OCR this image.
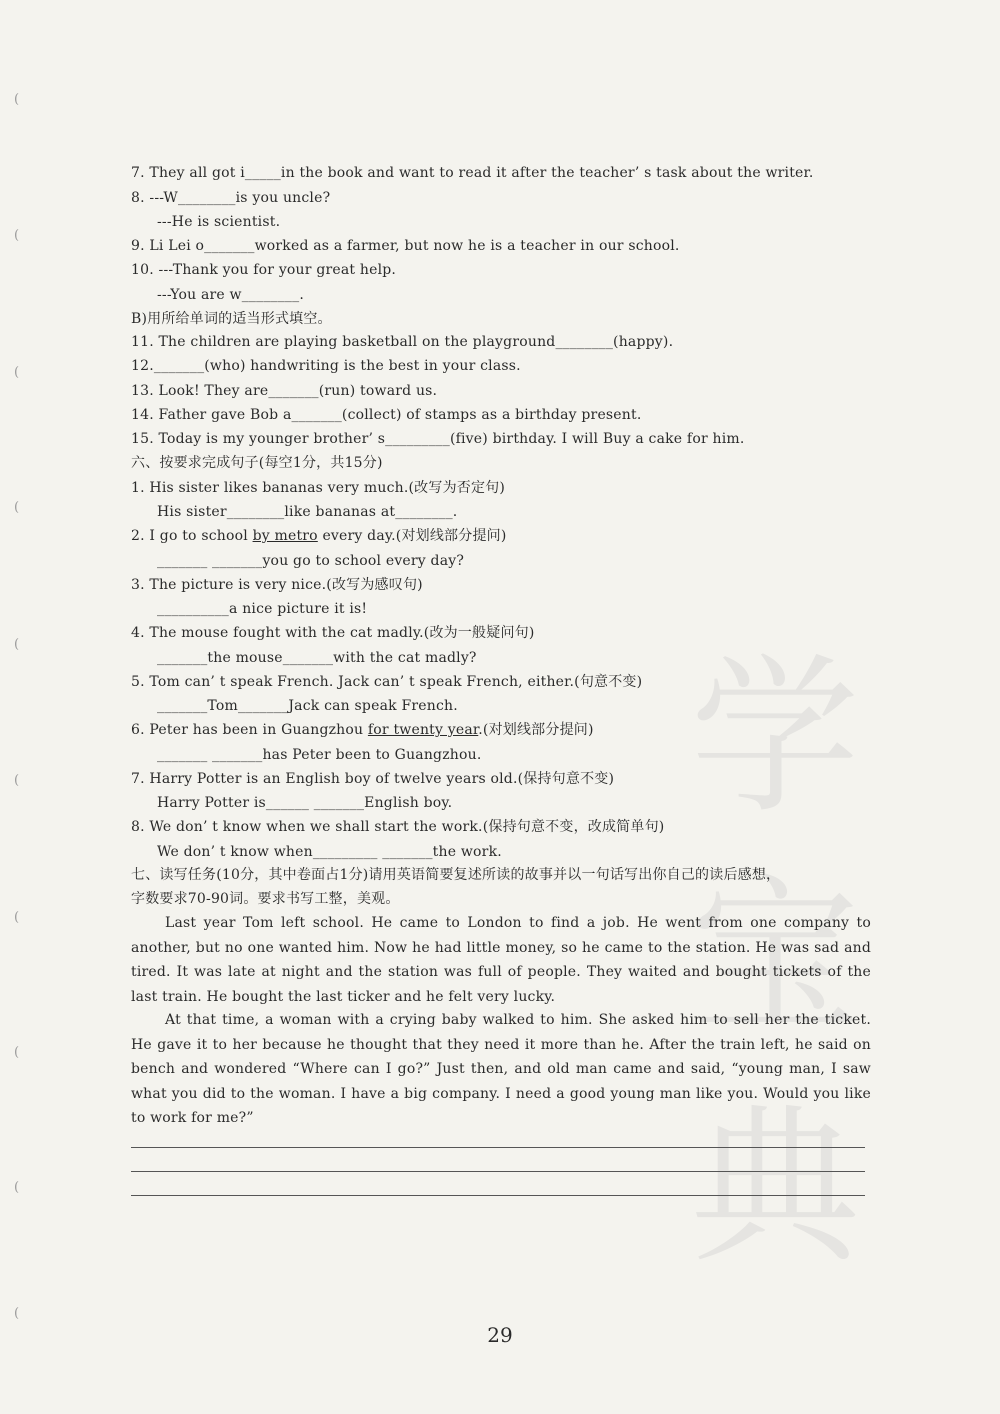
(
(
(
(
(
(
(
(
(
(
学
宝
典
7. They all got i_____in the book and want to read it after the teacher’ s task about the writer.
8. ---W________is you uncle?
---He is scientist.
9. Li Lei o_______worked as a farmer, but now he is a teacher in our school.
10. ---Thank you for your great help.
---You are w________.
B)用所给单词的适当形式填空。
11. The children are playing basketball on the playground________(happy).
12._______(who) handwriting is the best in your class.
13. Look! They are_______(run) toward us.
14. Father gave Bob a_______(collect) of stamps as a birthday present.
15. Today is my younger brother’ s_________(five) birthday. I will Buy a cake for him.
六、按要求完成句子(每空1分，共15分)
1. His sister likes bananas very much.(改写为否定句)
His sister________like bananas at________.
2. I go to school by metro every day.(对划线部分提问)
_______ _______you go to school every day?
3. The picture is very nice.(改写为感叹句)
__________a nice picture it is!
4. The mouse fought with the cat madly.(改为一般疑问句)
_______the mouse_______with the cat madly?
5. Tom can’ t speak French. Jack can’ t speak French, either.(句意不变)
_______Tom_______Jack can speak French.
6. Peter has been in Guangzhou for twenty year.(对划线部分提问)
_______ _______has Peter been to Guangzhou.
7. Harry Potter is an English boy of twelve years old.(保持句意不变)
Harry Potter is______ _______English boy.
8. We don’ t know when we shall start the work.(保持句意不变，改成简单句)
We don’ t know when_________ _______the work.
七、读写任务(10分，其中卷面占1分)请用英语简要复述所读的故事并以一句话写出你自己的读后感想，
字数要求70-90词。要求书写工整，美观。
Last year Tom left school. He came to London to find a job. He went from one company to another, but no one wanted him. Now he had little money, so he came to the station. He was sad and tired. It was late at night and the station was full of people. They waited and bought tickets of the last train. He bought the last ticker and he felt very lucky.
At that time, a woman with a crying baby walked to him. She asked him to sell her the ticket. He gave it to her because he thought that they need it more than he. After the train left, he said on bench and wondered “Where can I go?” Just then, and old man came and said, “young man, I saw what you did to the woman. I have a big company. I need a good young man like you. Would you like to work for me?”
29
